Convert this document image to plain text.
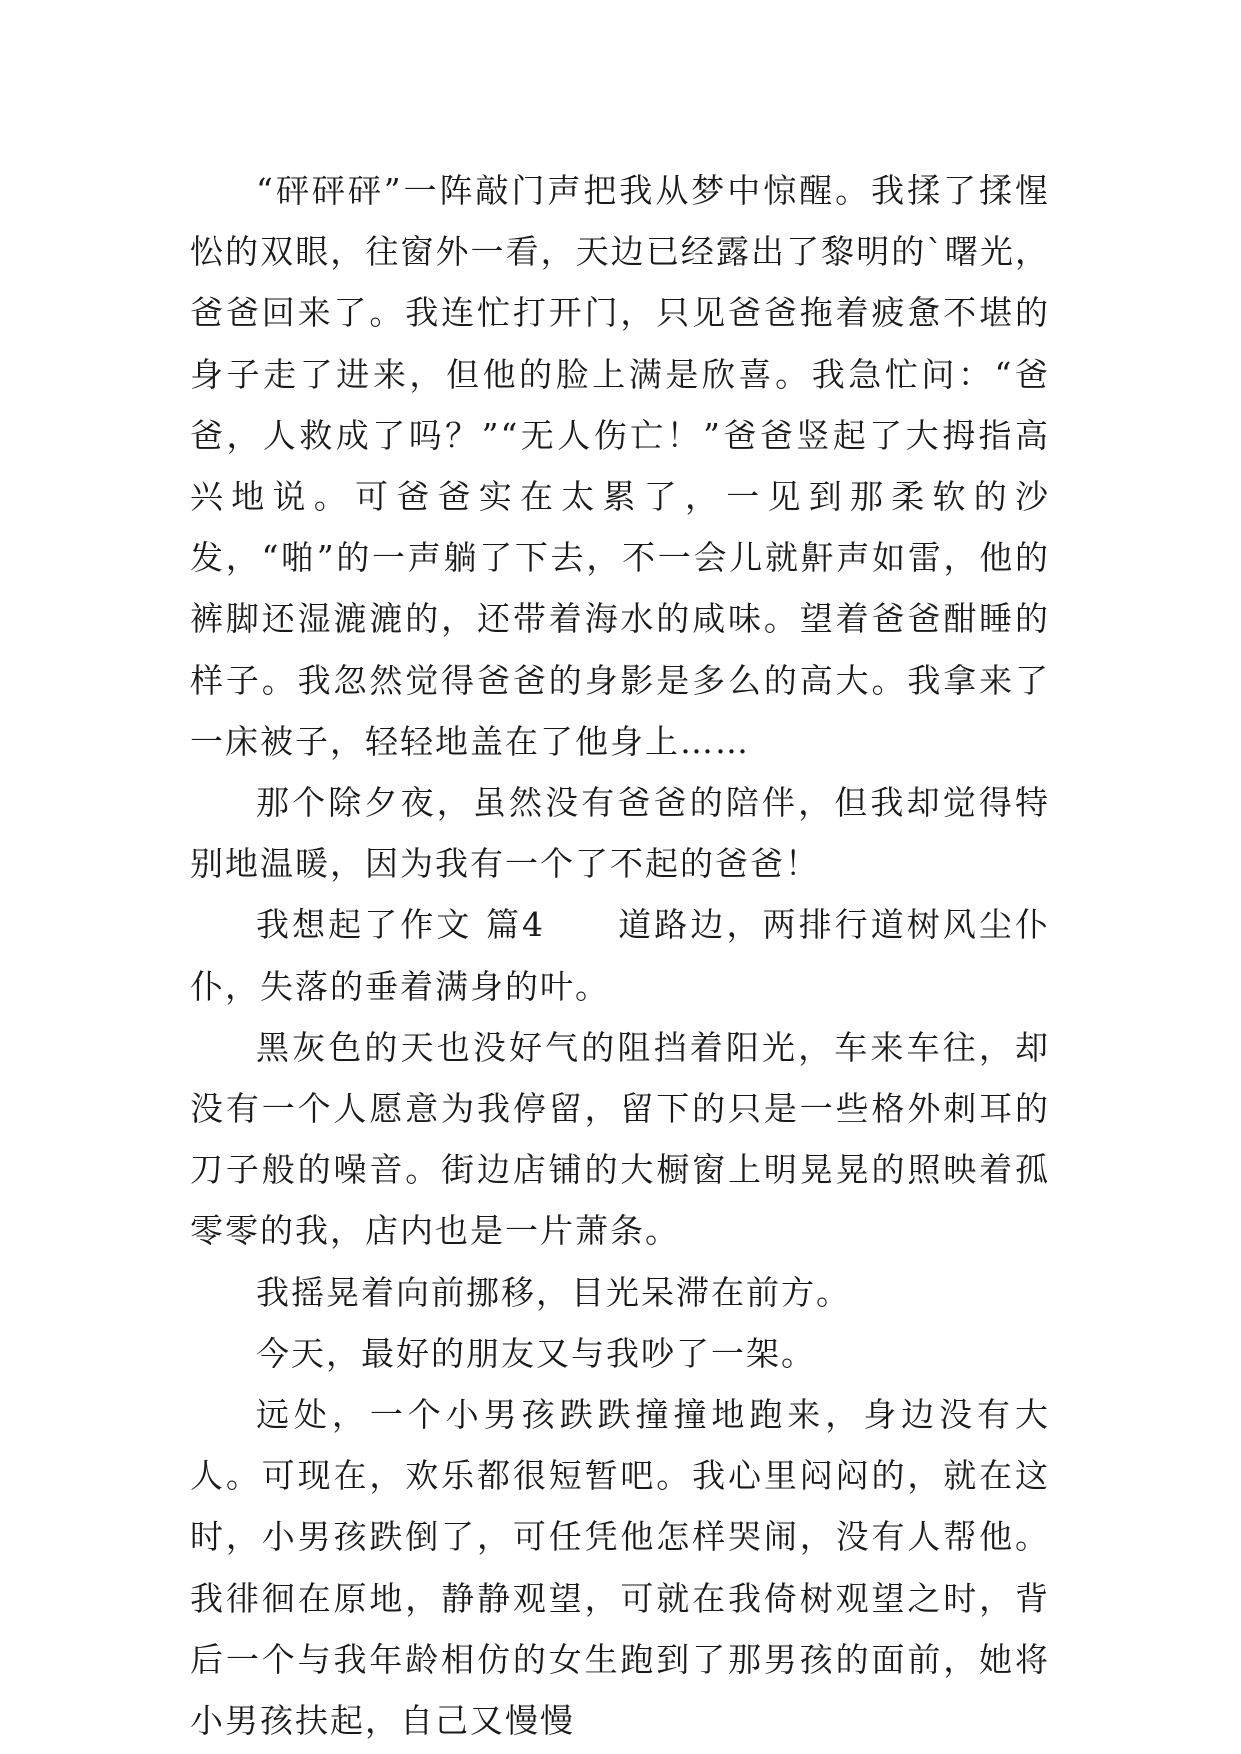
“砰砰砰”一阵敲门声把我从梦中惊醒。我揉了揉惺忪的双眼，往窗外一看，天边已经露出了黎明的`曙光，爸爸回来了。我连忙打开门，只见爸爸拖着疲惫不堪的身子走了进来，但他的脸上满是欣喜。我急忙问：“爸爸，人救成了吗？”“无人伤亡！”爸爸竖起了大拇指高兴地说。可爸爸实在太累了，一见到那柔软的沙发，“啪”的一声躺了下去，不一会儿就鼾声如雷，他的裤脚还湿漉漉的，还带着海水的咸味。望着爸爸酣睡的样子。我忽然觉得爸爸的身影是多么的高大。我拿来了一床被子，轻轻地盖在了他身上……

那个除夕夜，虽然没有爸爸的陪伴，但我却觉得特别地温暖，因为我有一个了不起的爸爸！

我想起了作文 篇4　　道路边，两排行道树风尘仆仆，失落的垂着满身的叶。

黑灰色的天也没好气的阻挡着阳光，车来车往，却没有一个人愿意为我停留，留下的只是一些格外刺耳的刀子般的噪音。街边店铺的大橱窗上明晃晃的照映着孤零零的我，店内也是一片萧条。

我摇晃着向前挪移，目光呆滞在前方。

今天，最好的朋友又与我吵了一架。

远处，一个小男孩跌跌撞撞地跑来，身边没有大人。可现在，欢乐都很短暂吧。我心里闷闷的，就在这时，小男孩跌倒了，可任凭他怎样哭闹，没有人帮他。我徘徊在原地，静静观望，可就在我倚树观望之时，背后一个与我年龄相仿的女生跑到了那男孩的面前，她将小男孩扶起，自己又慢慢
